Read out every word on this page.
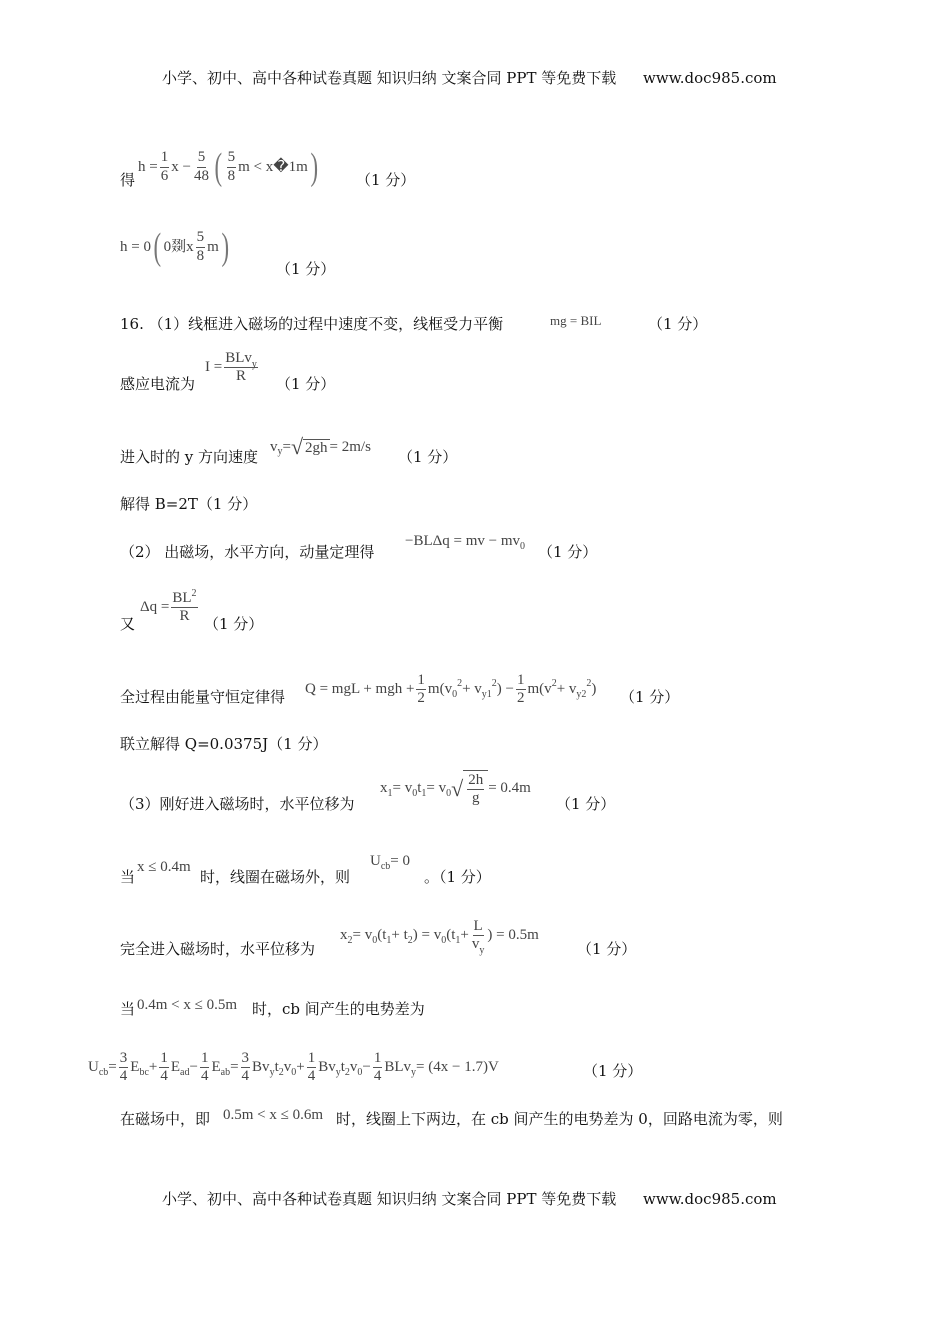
小学、初中、高中各种试卷真题 知识归纳 文案合同 PPT 等免费下载 www.doc985.com
得
$h = \frac{1}{6}$ $x - \frac{5}{48}$ ( $\frac{5}{8}$ m < x�1m )	（1 分）
h = 0 ( 0剟x $\frac{5}{8}$ m )
（1 分）
16. （1）线框进入磁场的过程中速度不变，线框受力平衡	mg = BIL	（1 分）
感应电流为
I =
BLv$_y$
R （1 分）
进入时的 y 方向速度
v y = √ 2gh = 2m/s
（1 分）
解得 B=2T（1 分）
（2） 出磁场，水平方向，动量定理得
−BLΔq = mv − mv 0 （1 分）
又
$\Delta q = \frac{BL^2}{R} (1$ 分）
全过程由能量守恒定律得 Q = mgL + mgh + $\frac{1}{2} m(v$ 0
2 + v y1
2 ) − $\frac{1}{2} m(v$ 2 + v y2
2 ) （1 分）
联立解得 Q=0.0375J（1 分）
（3）刚好进入磁场时，水平位移为
x 1 = v 0 t 1 = v 0 √ $\frac{2h}{g} = 0.4m$
（1 分）
当
x ≤ 0.4m
时，线圈在磁场外，则
U cb = 0
。（1 分）
完全进入磁场时，水平位移为
x 2 = v 0 (t 1 + t 2 ) = v 0 (t $1 + \frac{L}{v_y}$ ) = 0.5m
（1 分）
当 0.4m < x ≤ 0.5m 时，cb 间产生的电势差为
U cb = $\frac{3}{4}$ E bc + $\frac{1}{4}$ E ad − $\frac{1}{4}$ E ab = $\frac{3}{4}$ Bv y t 2 v $0 + \frac{1}{4}$ Bv y t 2 v $0 - \frac{1}{4}$ BLv y = (4x − 1.7)V	（1 分）
在磁场中，即 0.5m < x ≤ 0.6m 时，线圈上下两边，在 cb 间产生的电势差为 0，回路电流为零，则
小学、初中、高中各种试卷真题 知识归纳 文案合同 PPT 等免费下载 www.doc985.com
